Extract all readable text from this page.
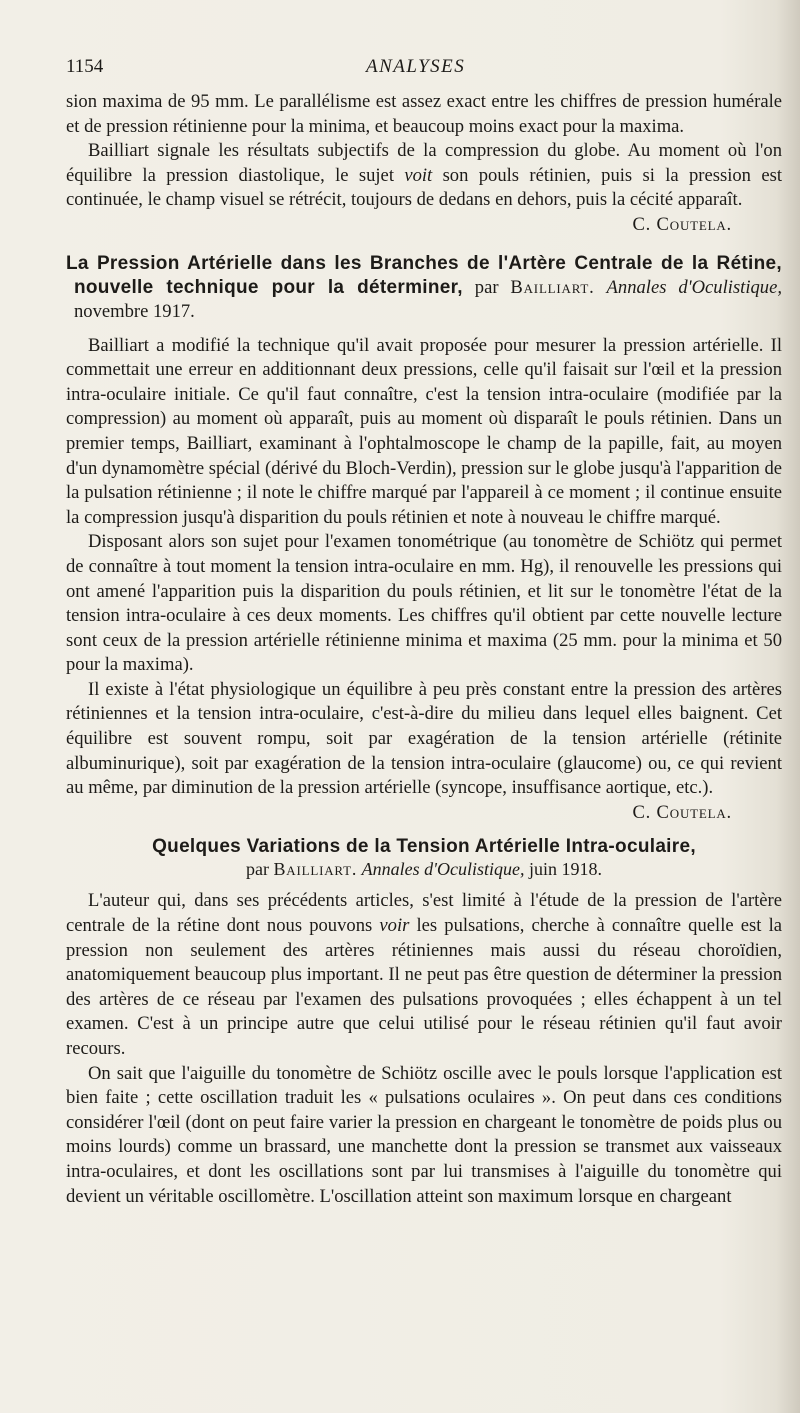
1154	ANALYSES

sion maxima de 95 mm. Le parallélisme est assez exact entre les chiffres de pression humérale et de pression rétinienne pour la minima, et beaucoup moins exact pour la maxima.

Bailliart signale les résultats subjectifs de la compression du globe. Au moment où l'on équilibre la pression diastolique, le sujet voit son pouls rétinien, puis si la pression est continuée, le champ visuel se rétrécit, toujours de dedans en dehors, puis la cécité apparaît.

C. Coutela.

La Pression Artérielle dans les Branches de l'Artère Centrale de la Rétine, nouvelle technique pour la déterminer, par Bailliart. Annales d'Oculistique, novembre 1917.

Bailliart a modifié la technique qu'il avait proposée pour mesurer la pression artérielle. Il commettait une erreur en additionnant deux pressions, celle qu'il faisait sur l'œil et la pression intra-oculaire initiale. Ce qu'il faut connaître, c'est la tension intra-oculaire (modifiée par la compression) au moment où apparaît, puis au moment où disparaît le pouls rétinien. Dans un premier temps, Bailliart, examinant à l'ophtalmoscope le champ de la papille, fait, au moyen d'un dynamomètre spécial (dérivé du Bloch-Verdin), pression sur le globe jusqu'à l'apparition de la pulsation rétinienne ; il note le chiffre marqué par l'appareil à ce moment ; il continue ensuite la compression jusqu'à disparition du pouls rétinien et note à nouveau le chiffre marqué.

Disposant alors son sujet pour l'examen tonométrique (au tonomètre de Schiötz qui permet de connaître à tout moment la tension intra-oculaire en mm. Hg), il renouvelle les pressions qui ont amené l'apparition puis la disparition du pouls rétinien, et lit sur le tonomètre l'état de la tension intra-oculaire à ces deux moments. Les chiffres qu'il obtient par cette nouvelle lecture sont ceux de la pression artérielle rétinienne minima et maxima (25 mm. pour la minima et 50 pour la maxima).

Il existe à l'état physiologique un équilibre à peu près constant entre la pression des artères rétiniennes et la tension intra-oculaire, c'est-à-dire du milieu dans lequel elles baignent. Cet équilibre est souvent rompu, soit par exagération de la tension artérielle (rétinite albuminurique), soit par exagération de la tension intra-oculaire (glaucome) ou, ce qui revient au même, par diminution de la pression artérielle (syncope, insuffisance aortique, etc.).

C. Coutela.

Quelques Variations de la Tension Artérielle Intra-oculaire,
par Bailliart. Annales d'Oculistique, juin 1918.

L'auteur qui, dans ses précédents articles, s'est limité à l'étude de la pression de l'artère centrale de la rétine dont nous pouvons voir les pulsations, cherche à connaître quelle est la pression non seulement des artères rétiniennes mais aussi du réseau choroïdien, anatomiquement beaucoup plus important. Il ne peut pas être question de déterminer la pression des artères de ce réseau par l'examen des pulsations provoquées ; elles échappent à un tel examen. C'est à un principe autre que celui utilisé pour le réseau rétinien qu'il faut avoir recours.

On sait que l'aiguille du tonomètre de Schiötz oscille avec le pouls lorsque l'application est bien faite ; cette oscillation traduit les « pulsations oculaires ». On peut dans ces conditions considérer l'œil (dont on peut faire varier la pression en chargeant le tonomètre de poids plus ou moins lourds) comme un brassard, une manchette dont la pression se transmet aux vaisseaux intra-oculaires, et dont les oscillations sont par lui transmises à l'aiguille du tonomètre qui devient un véritable oscillomètre. L'oscillation atteint son maximum lorsque en chargeant
